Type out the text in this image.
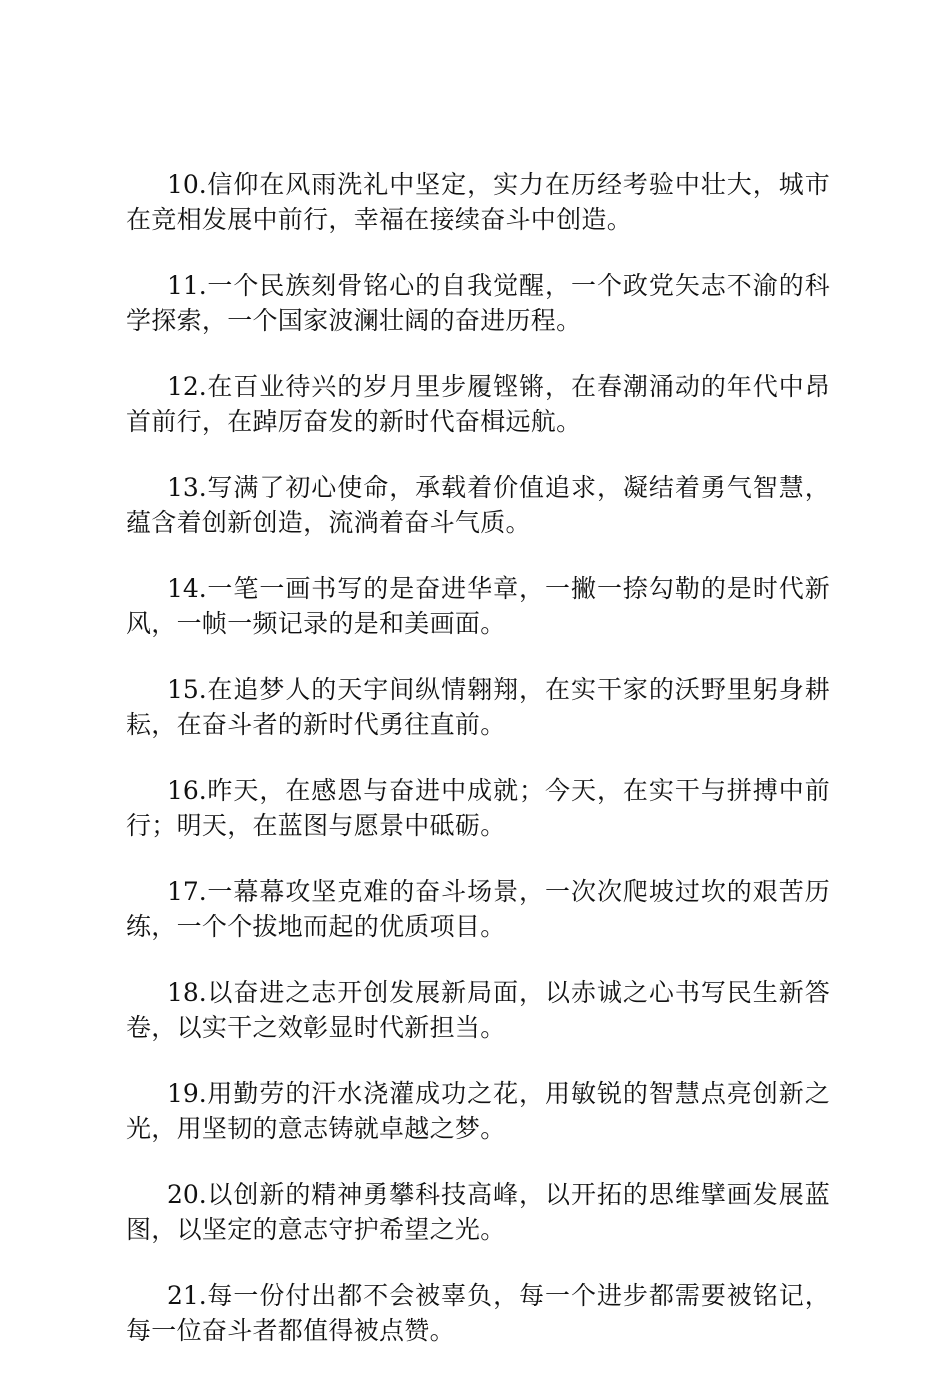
10.信仰在风雨洗礼中坚定，实力在历经考验中壮大，城市在竞相发展中前行，幸福在接续奋斗中创造。

11.一个民族刻骨铭心的自我觉醒，一个政党矢志不渝的科学探索，一个国家波澜壮阔的奋进历程。

12.在百业待兴的岁月里步履铿锵，在春潮涌动的年代中昂首前行，在踔厉奋发的新时代奋楫远航。

13.写满了初心使命，承载着价值追求，凝结着勇气智慧，蕴含着创新创造，流淌着奋斗气质。

14.一笔一画书写的是奋进华章，一撇一捺勾勒的是时代新风，一帧一频记录的是和美画面。

15.在追梦人的天宇间纵情翱翔，在实干家的沃野里躬身耕耘，在奋斗者的新时代勇往直前。

16.昨天，在感恩与奋进中成就；今天，在实干与拼搏中前行；明天，在蓝图与愿景中砥砺。

17.一幕幕攻坚克难的奋斗场景，一次次爬坡过坎的艰苦历练，一个个拔地而起的优质项目。

18.以奋进之志开创发展新局面，以赤诚之心书写民生新答卷，以实干之效彰显时代新担当。

19.用勤劳的汗水浇灌成功之花，用敏锐的智慧点亮创新之光，用坚韧的意志铸就卓越之梦。

20.以创新的精神勇攀科技高峰，以开拓的思维擘画发展蓝图，以坚定的意志守护希望之光。

21.每一份付出都不会被辜负，每一个进步都需要被铭记，每一位奋斗者都值得被点赞。
